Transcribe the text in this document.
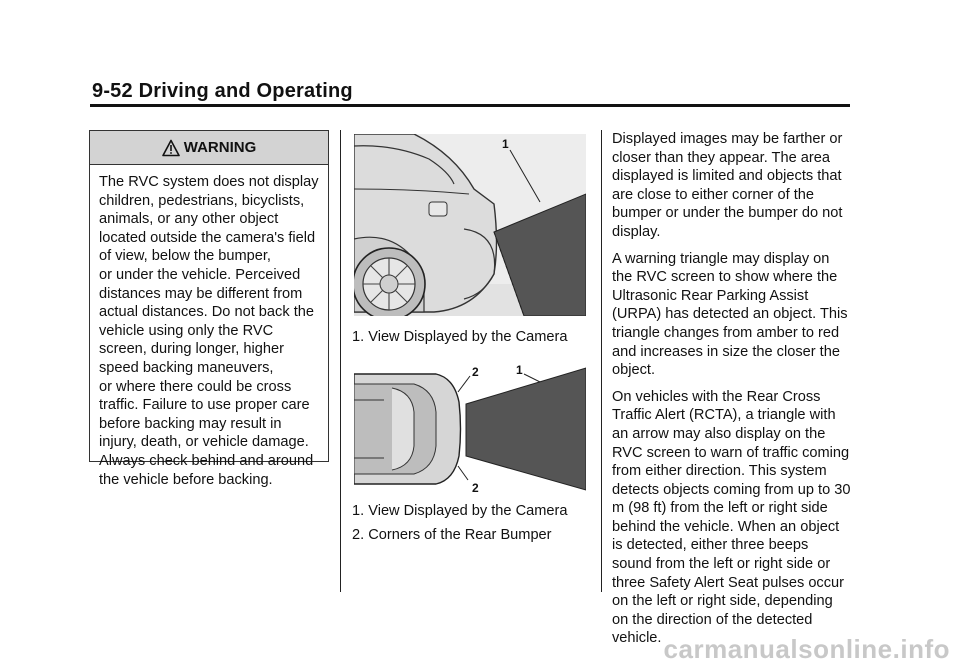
9-52 Driving and Operating
WARNING
The RVC system does not display
children, pedestrians, bicyclists,
animals, or any other object
located outside the camera's field
of view, below the bumper,
or under the vehicle. Perceived
distances may be different from
actual distances. Do not back the
vehicle using only the RVC
screen, during longer, higher
speed backing maneuvers,
or where there could be cross
traffic. Failure to use proper care
before backing may result in
injury, death, or vehicle damage.
Always check behind and around
the vehicle before backing.
1
1. View Displayed by the Camera
2	1
2
1. View Displayed by the Camera
2. Corners of the Rear Bumper

Displayed images may be farther or closer than they appear. The area displayed is limited and objects that are close to either corner of the bumper or under the bumper do not display.

A warning triangle may display on the RVC screen to show where the Ultrasonic Rear Parking Assist (URPA) has detected an object. This triangle changes from amber to red and increases in size the closer the object.

On vehicles with the Rear Cross Traffic Alert (RCTA), a triangle with an arrow may also display on the RVC screen to warn of traffic coming from either direction. This system detects objects coming from up to 30 m (98 ft) from the left or right side behind the vehicle. When an object is detected, either three beeps sound from the left or right side or three Safety Alert Seat pulses occur on the left or right side, depending on the direction of the detected vehicle. carmanualsonline.info
